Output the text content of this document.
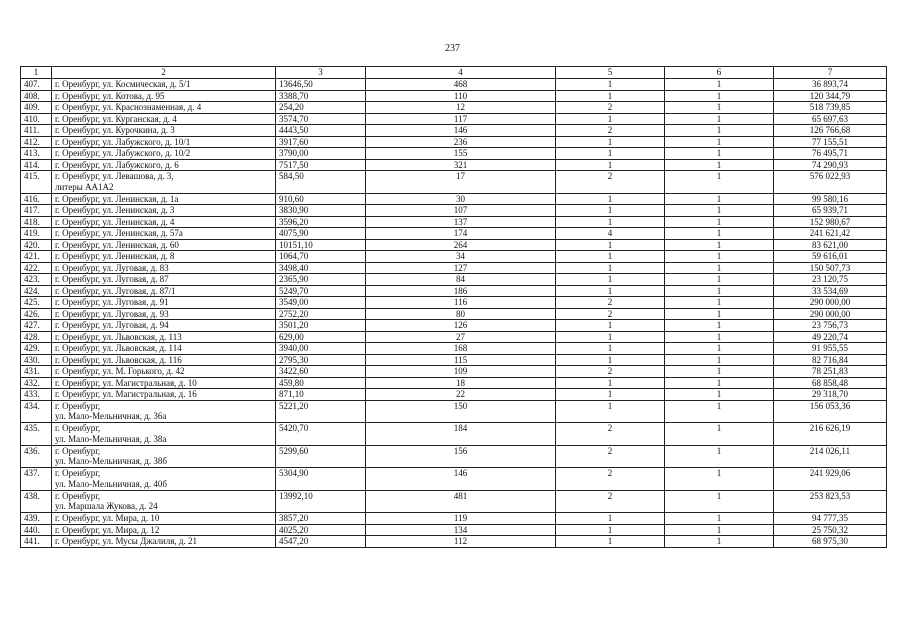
237
1	2	3	4	5	6	7
407.	г. Оренбург, ул. Космическая, д. 5/1	13646,50	468	1	1	36 893,74
408.	г. Оренбург, ул. Котова, д. 95	3388,70	110	1	1	120 344,79
409.	г. Оренбург, ул. Краснознаменная, д. 4	254,20	12	2	1	518 739,85
410.	г. Оренбург, ул. Курганская, д. 4	3574,70	117	1	1	65 697,63
411.	г. Оренбург, ул. Курочкина, д. 3	4443,50	146	2	1	126 766,68
412.	г. Оренбург, ул. Лабужского, д. 10/1	3917,60	236	1	1	77 155,51
413.	г. Оренбург, ул. Лабужского, д. 10/2	3790,00	155	1	1	76 495,71
414.	г. Оренбург, ул. Лабужского, д. 6	7517,50	321	1	1	74 290,93
415.	г. Оренбург, ул. Леваш‌ова, д. 3,
литеры АА1А2	584,50	17	2	1	576 022,93
416.	г. Оренбург, ул. Ленинская, д. 1а	910,60	30	1	1	99 580,16
417.	г. Оренбург, ул. Ленинская, д. 3	3830,90	107	1	1	65 939,71
418.	г. Оренбург, ул. Ленинская, д. 4	3596,20	137	1	1	152 980,67
419.	г. Оренбург, ул. Ленинская, д. 57а	4075,90	174	4	1	241 621,42
420.	г. Оренбург, ул. Ленинская, д. 60	10151,10	264	1	1	83 621,00
421.	г. Оренбург, ул. Ленинская, д. 8	1064,70	34	1	1	59 616,01
422.	г. Оренбург, ул. Луговая, д. 83	3498,40	127	1	1	150 507,73
423.	г. Оренбург, ул. Луговая, д. 87	2365,90	84	1	1	23 120,75
424.	г. Оренбург, ул. Луговая, д. 87/1	5249,70	186	1	1	33 534,69
425.	г. Оренбург, ул. Луговая, д. 91	3549,00	116	2	1	290 000,00
426.	г. Оренбург, ул. Луговая, д. 93	2752,20	80	2	1	290 000,00
427.	г. Оренбург, ул. Луговая, д. 94	3501,20	126	1	1	23 756,73
428.	г. Оренбург, ул. Львовская, д. 113	629,00	27	1	1	49 220,74
429.	г. Оренбург, ул. Львовская, д. 114	3940,00	168	1	1	91 955,55
430.	г. Оренбург, ул. Львовская, д. 116	2795,30	115	1	1	82 716,84
431.	г. Оренбург, ул. М. Горького, д. 42	3422,60	109	2	1	78 251,83
432.	г. Оренбург, ул. Магистральная, д. 10	459,80	18	1	1	68 858,48
433.	г. Оренбург, ул. Магистральная, д. 16	871,10	22	1	1	29 318,70
434.	г. Оренбург,
ул. Мало-Мельничная, д. 36а	5221,20	150	1	1	156 053,36
435.	г. Оренбург,
ул. Мало-Мельничная, д. 38а	5420,70	184	2	1	216 626,19
436.	г. Оренбург,
ул. Мало-Мельничная, д. 38б	5299,60	156	2	1	214 026,11
437.	г. Оренбург,
ул. Мало-Мельничная, д. 40б	5304,90	146	2	1	241 929,06
438.	г. Оренбург,
ул. Маршала Жукова, д. 24	13992,10	481	2	1	253 823,53
439.	г. Оренбург, ул. Мира, д. 10	3857,20	119	1	1	94 777,35
440.	г. Оренбург, ул. Мира, д. 12	4025,20	134	1	1	25 750,32
441.	г. Оренбург, ул. Мусы Джалиля, д. 21	4547,20	112	1	1	68 975,30
